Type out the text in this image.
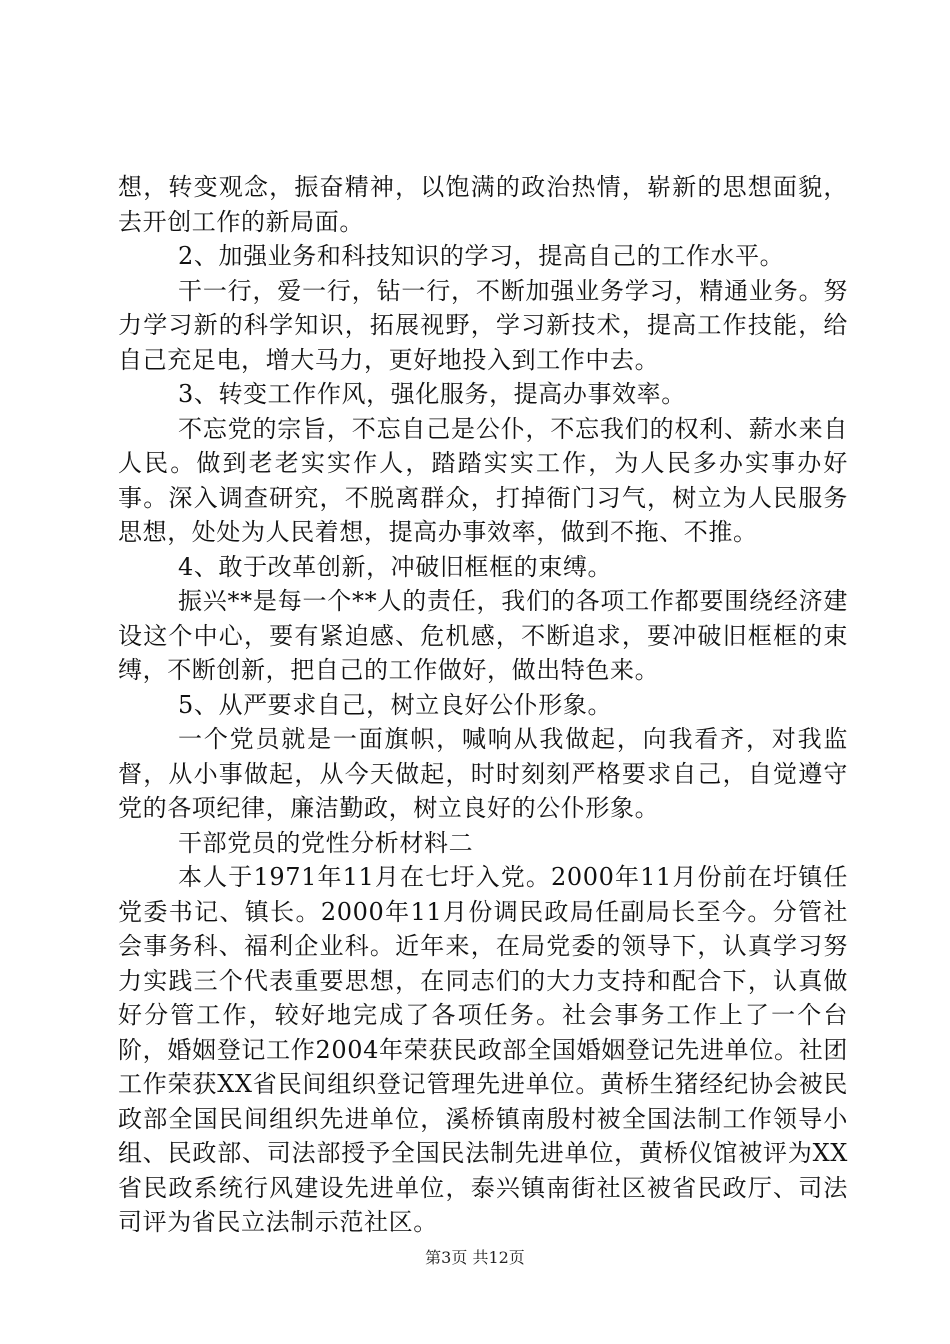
想，转变观念，振奋精神，以饱满的政治热情，崭新的思想面貌，去开创工作的新局面。

2、加强业务和科技知识的学习，提高自己的工作水平。

干一行，爱一行，钻一行，不断加强业务学习，精通业务。努力学习新的科学知识，拓展视野，学习新技术，提高工作技能，给自己充足电，增大马力，更好地投入到工作中去。

3、转变工作作风，强化服务，提高办事效率。

不忘党的宗旨，不忘自己是公仆，不忘我们的权利、薪水来自人民。做到老老实实作人，踏踏实实工作，为人民多办实事办好事。深入调查研究，不脱离群众，打掉衙门习气，树立为人民服务思想，处处为人民着想，提高办事效率，做到不拖、不推。

4、敢于改革创新，冲破旧框框的束缚。

振兴**是每一个**人的责任，我们的各项工作都要围绕经济建设这个中心，要有紧迫感、危机感，不断追求，要冲破旧框框的束缚，不断创新，把自己的工作做好，做出特色来。

5、从严要求自己，树立良好公仆形象。

一个党员就是一面旗帜，喊响从我做起，向我看齐，对我监督，从小事做起，从今天做起，时时刻刻严格要求自己，自觉遵守党的各项纪律，廉洁勤政，树立良好的公仆形象。

干部党员的党性分析材料二

本人于1971年11月在七圩入党。2000年11月份前在圩镇任党委书记、镇长。2000年11月份调民政局任副局长至今。分管社会事务科、福利企业科。近年来，在局党委的领导下，认真学习努力实践三个代表重要思想，在同志们的大力支持和配合下，认真做好分管工作，较好地完成了各项任务。社会事务工作上了一个台阶，婚姻登记工作2004年荣获民政部全国婚姻登记先进单位。社团工作荣获XX省民间组织登记管理先进单位。黄桥生猪经纪协会被民政部全国民间组织先进单位，溪桥镇南殷村被全国法制工作领导小组、民政部、司法部授予全国民法制先进单位，黄桥仪馆被评为XX省民政系统行风建设先进单位，泰兴镇南街社区被省民政厅、司法司评为省民立法制示范社区。

第3页 共12页
